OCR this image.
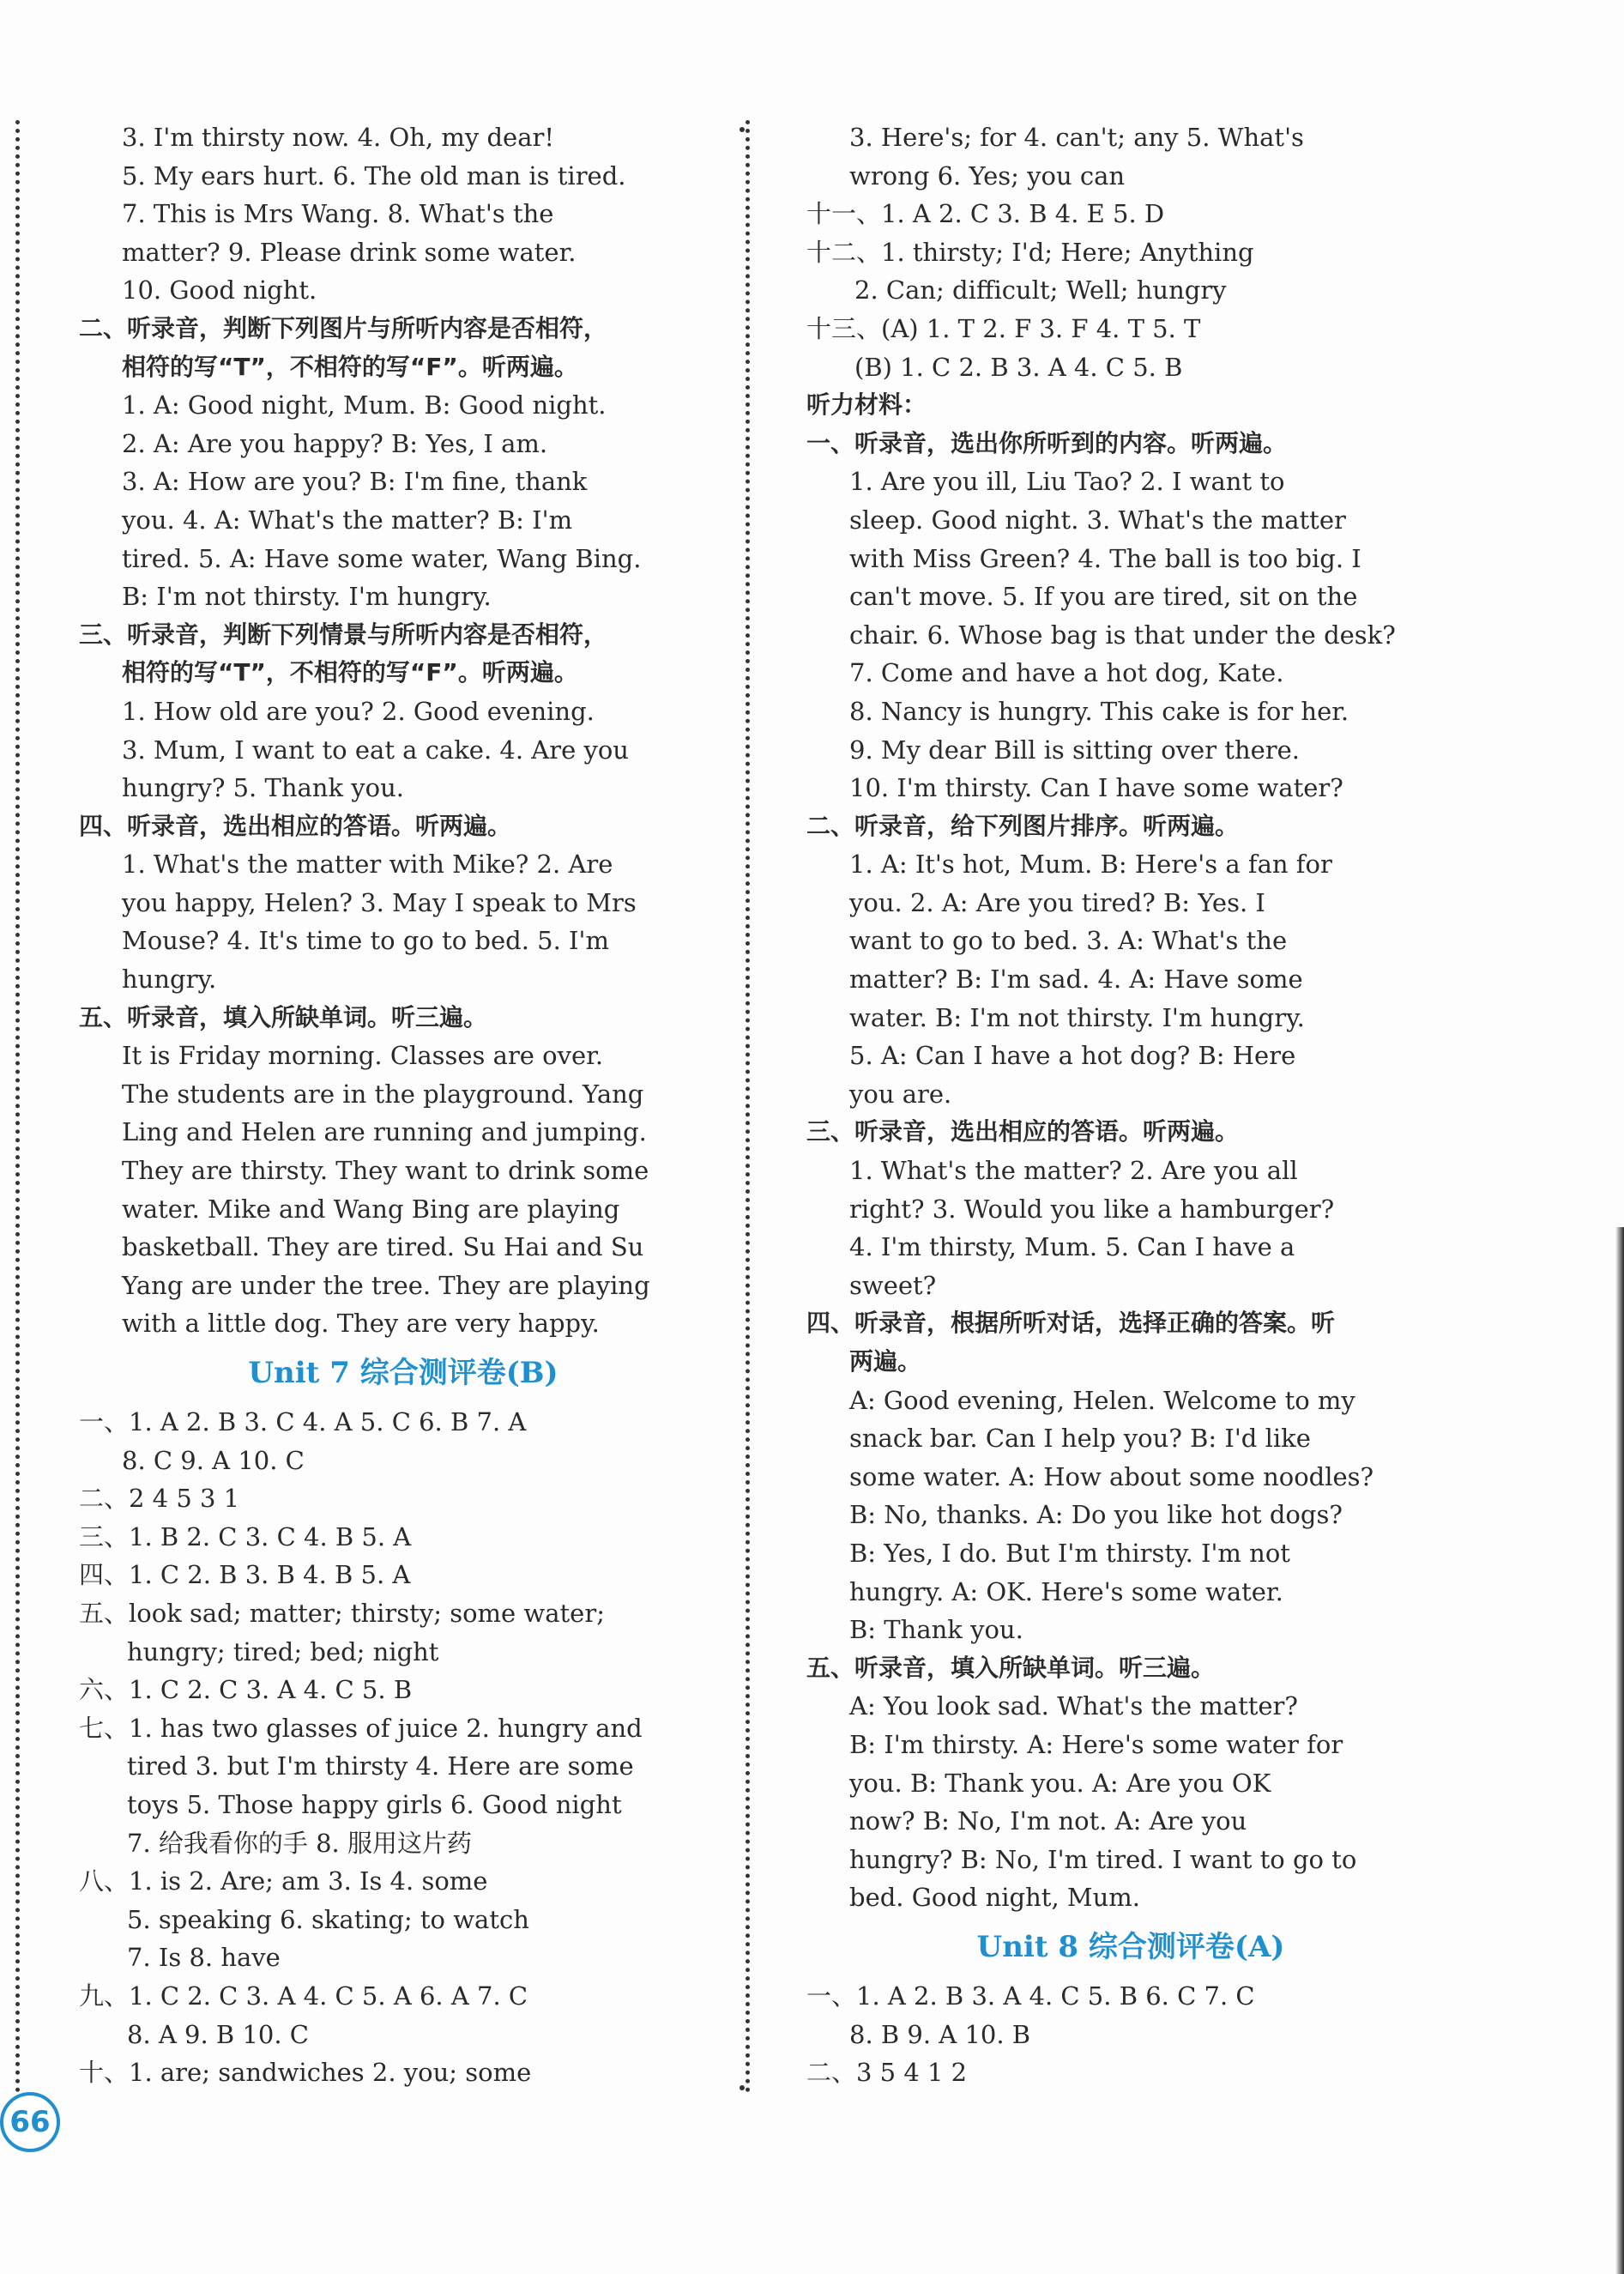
3. I'm thirsty now. 4. Oh, my dear!
5. My ears hurt. 6. The old man is tired.
7. This is Mrs Wang. 8. What's the
matter? 9. Please drink some water.
10. Good night.
二、听录音，判断下列图片与所听内容是否相符，
相符的写“T”，不相符的写“F”。听两遍。
1. A: Good night, Mum. B: Good night.
2. A: Are you happy? B: Yes, I am.
3. A: How are you? B: I'm fine, thank
you. 4. A: What's the matter? B: I'm
tired. 5. A: Have some water, Wang Bing.
B: I'm not thirsty. I'm hungry.
三、听录音，判断下列情景与所听内容是否相符，
相符的写“T”，不相符的写“F”。听两遍。
1. How old are you? 2. Good evening.
3. Mum, I want to eat a cake. 4. Are you
hungry? 5. Thank you.
四、听录音，选出相应的答语。听两遍。
1. What's the matter with Mike? 2. Are
you happy, Helen? 3. May I speak to Mrs
Mouse? 4. It's time to go to bed. 5. I'm
hungry.
五、听录音，填入所缺单词。听三遍。
It is Friday morning. Classes are over.
The students are in the playground. Yang
Ling and Helen are running and jumping.
They are thirsty. They want to drink some
water. Mike and Wang Bing are playing
basketball. They are tired. Su Hai and Su
Yang are under the tree. They are playing
with a little dog. They are very happy.
Unit 7 综合测评卷(B)
一、1. A 2. B 3. C 4. A 5. C 6. B 7. A
8. C 9. A 10. C
二、2 4 5 3 1
三、1. B 2. C 3. C 4. B 5. A
四、1. C 2. B 3. B 4. B 5. A
五、look sad; matter; thirsty; some water;
hungry; tired; bed; night
六、1. C 2. C 3. A 4. C 5. B
七、1. has two glasses of juice 2. hungry and
tired 3. but I'm thirsty 4. Here are some
toys 5. Those happy girls 6. Good night
7. 给我看你的手 8. 服用这片药
八、1. is 2. Are; am 3. Is 4. some
5. speaking 6. skating; to watch
7. Is 8. have
九、1. C 2. C 3. A 4. C 5. A 6. A 7. C
8. A 9. B 10. C
十、1. are; sandwiches 2. you; some
3. Here's; for 4. can't; any 5. What's
wrong 6. Yes; you can
十一、1. A 2. C 3. B 4. E 5. D
十二、1. thirsty; I'd; Here; Anything
2. Can; difficult; Well; hungry
十三、(A) 1. T 2. F 3. F 4. T 5. T
(B) 1. C 2. B 3. A 4. C 5. B
听力材料：
一、听录音，选出你所听到的内容。听两遍。
1. Are you ill, Liu Tao? 2. I want to
sleep. Good night. 3. What's the matter
with Miss Green? 4. The ball is too big. I
can't move. 5. If you are tired, sit on the
chair. 6. Whose bag is that under the desk?
7. Come and have a hot dog, Kate.
8. Nancy is hungry. This cake is for her.
9. My dear Bill is sitting over there.
10. I'm thirsty. Can I have some water?
二、听录音，给下列图片排序。听两遍。
1. A: It's hot, Mum. B: Here's a fan for
you. 2. A: Are you tired? B: Yes. I
want to go to bed. 3. A: What's the
matter? B: I'm sad. 4. A: Have some
water. B: I'm not thirsty. I'm hungry.
5. A: Can I have a hot dog? B: Here
you are.
三、听录音，选出相应的答语。听两遍。
1. What's the matter? 2. Are you all
right? 3. Would you like a hamburger?
4. I'm thirsty, Mum. 5. Can I have a
sweet?
四、听录音，根据所听对话，选择正确的答案。听
两遍。
A: Good evening, Helen. Welcome to my
snack bar. Can I help you? B: I'd like
some water. A: How about some noodles?
B: No, thanks. A: Do you like hot dogs?
B: Yes, I do. But I'm thirsty. I'm not
hungry. A: OK. Here's some water.
B: Thank you.
五、听录音，填入所缺单词。听三遍。
A: You look sad. What's the matter?
B: I'm thirsty. A: Here's some water for
you. B: Thank you. A: Are you OK
now? B: No, I'm not. A: Are you
hungry? B: No, I'm tired. I want to go to
bed. Good night, Mum.
Unit 8 综合测评卷(A)
一、1. A 2. B 3. A 4. C 5. B 6. C 7. C
8. B 9. A 10. B
二、3 5 4 1 2
66
